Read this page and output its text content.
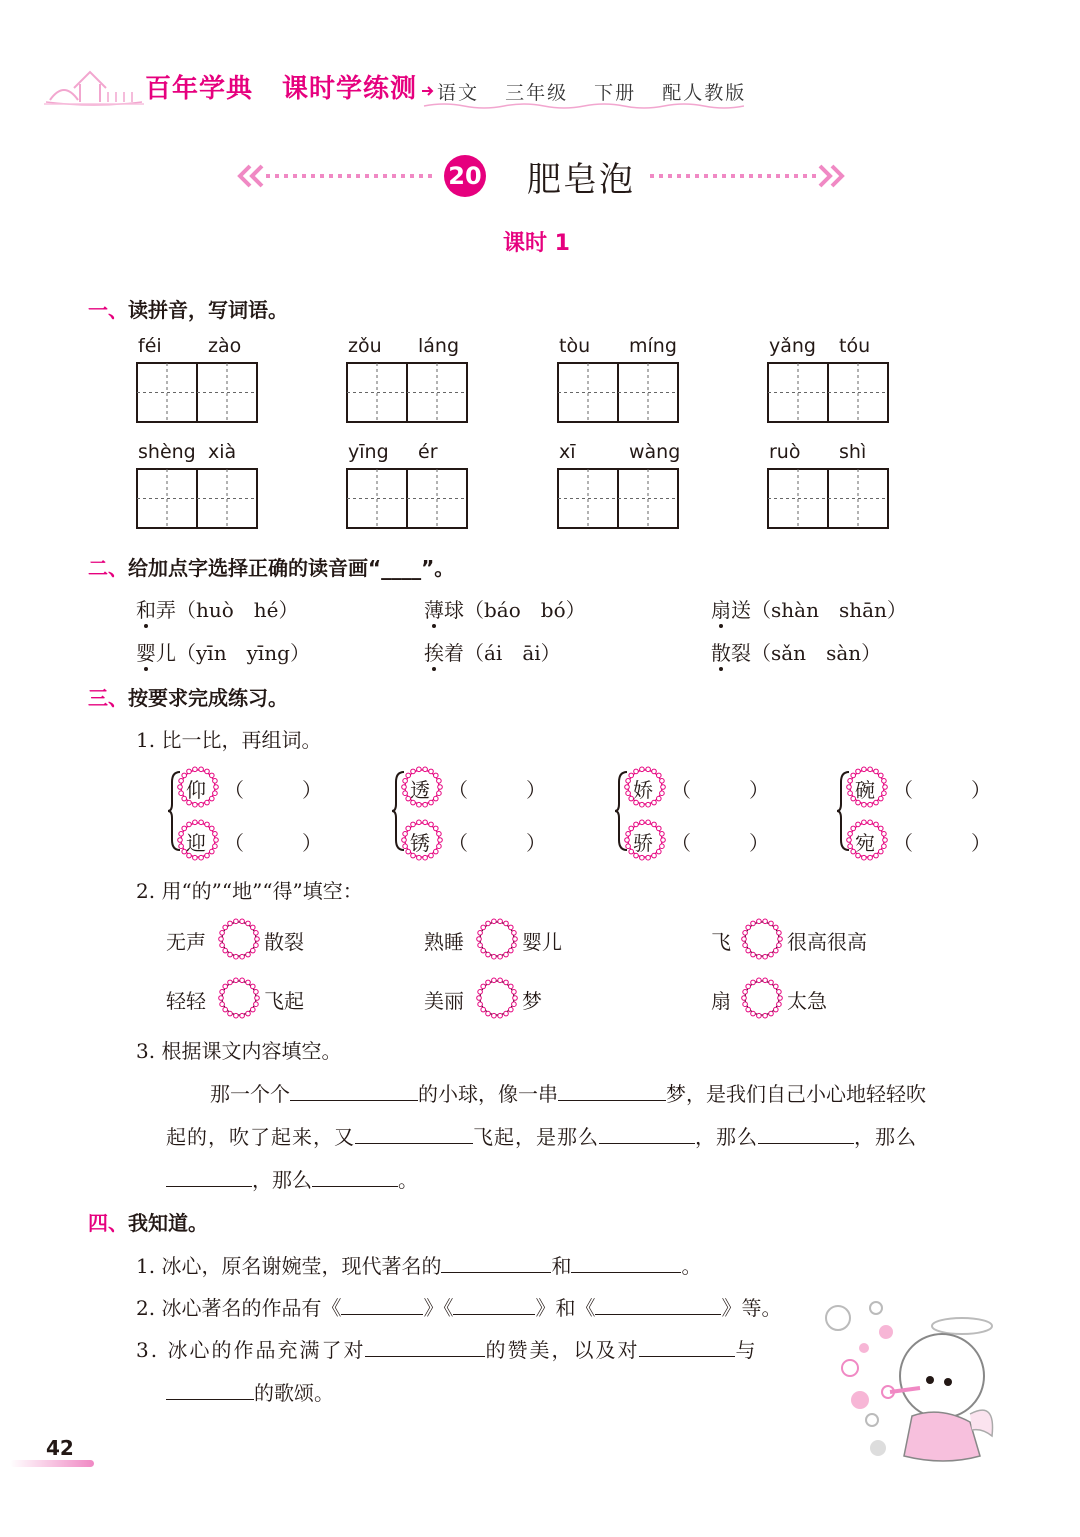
百年学典 课时学练测 语文 三年级 下册 配人教版
20 肥皂泡
课时 1
一、读拼音，写词语。
féi zào	zǒu láng	tòu míng	yǎng tóu
shèng xià	yīng ér	xī	wàng	ruò shì
二、给加点字选择正确的读音画“____”。
和弄（huò　hé）	薄球（báo　bó）	扇送（shàn　shān）
婴儿（yīn　yīng）	挨着（ái　āi）	散裂（sǎn　sàn）
三、按要求完成练习。
1. 比一比，再组词。
仰 （	）
迎 （	）
透 （	）
锈 （	）
娇 （	）
骄 （	）
碗 （	）
宛 （	）
2. 用“的”“地”“得”填空：
无声	散裂	熟睡	婴儿	飞	很高很高
轻轻	飞起	美丽	梦	扇	太急
3. 根据课文内容填空。
那一个个	的小球，像一串	梦，是我们自己小心地轻轻吹
起的，吹了起来，又	飞起，是那么	，那么	，那么
，那么	。
四、我知道。
1. 冰心，原名谢婉莹，现代著名的	和	。
2. 冰心著名的作品有《	》《	》和《	》等。
3. 冰心的作品充满了对	的赞美，以及对	与
的歌颂。
42
